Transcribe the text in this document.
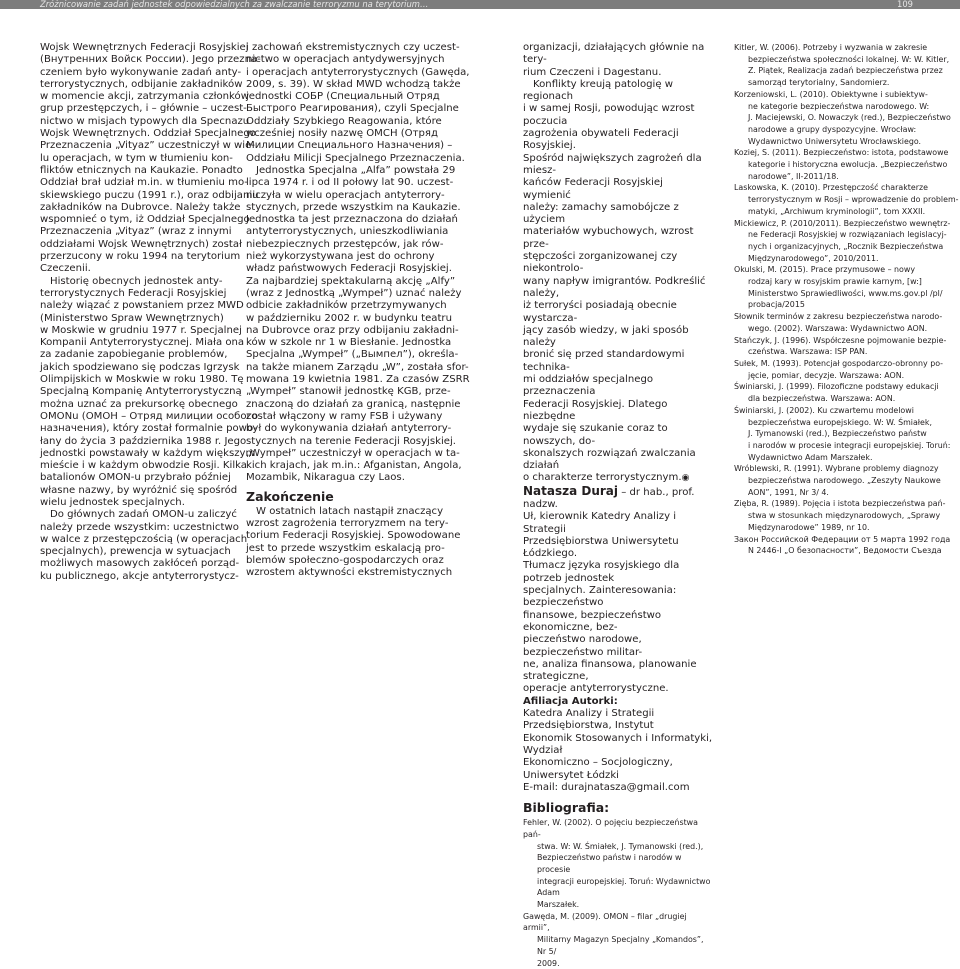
Zróżnicowanie zadań jednostek odpowiedzialnych za zwalczanie terroryzmu na terytorium…	109

Wojsk Wewnętrznych Federacji Rosyjskiej

(Внутренних Войск России). Jego przezna-

czeniem było wykonywanie zadań anty-

terrorystycznych, odbijanie zakładników

w momencie akcji, zatrzymania członków

grup przestępczych, i – głównie – uczest-

nictwo w misjach typowych dla Specnazu

Wojsk Wewnętrznych. Oddział Specjalnego

Przeznaczenia „Vityaz” uczestniczył w wie-

lu operacjach, w tym w tłumieniu kon-

fliktów etnicznych na Kaukazie. Ponadto

Oddział brał udział m.in. w tłumieniu mo-

skiewskiego puczu (1991 r.), oraz odbijaniu

zakładników na Dubrovce. Należy także

wspomnieć o tym, iż Oddział Specjalnego

Przeznaczenia „Vityaz” (wraz z innymi

oddziałami Wojsk Wewnętrznych) został

przerzucony w roku 1994 na terytorium

Czeczenii.

Historię obecnych jednostek anty-

terrorystycznych Federacji Rosyjskiej

należy wiązać z powstaniem przez MWD

(Ministerstwo Spraw Wewnętrznych)

w Moskwie w grudniu 1977 r. Specjalnej

Kompanii Antyterrorystycznej. Miała ona

za zadanie zapobieganie problemów,

jakich spodziewano się podczas Igrzysk

Olimpijskich w Moskwie w roku 1980. Tę

Specjalną Kompanię Antyterrorystyczną

można uznać za prekursorkę obecnego

OMONu (ОМОН – Отряд милиции особого

назначения), który został formalnie powo-

łany do życia 3 października 1988 r. Jego

jednostki powstawały w każdym większym

mieście i w każdym obwodzie Rosji. Kilka

batalionów OMON-u przybrało później

własne nazwy, by wyróżnić się spośród

wielu jednostek specjalnych.

Do głównych zadań OMON-u zaliczyć

należy przede wszystkim: uczestnictwo

w walce z przestępczością (w operacjach

specjalnych), prewencja w sytuacjach

możliwych masowych zakłóceń porząd-

ku publicznego, akcje antyterrorystycz-

i zachowań ekstremistycznych czy uczest-

nictwo w operacjach antydywersyjnych

i operacjach antyterrorystycznych (Gawęda,

2009, s. 39). W skład MWD wchodzą także

jednostki СОБР (Специальный Отряд

Быстрого Реагирования), czyli Specjalne

Oddziały Szybkiego Reagowania, które

wcześniej nosiły nazwę ОМСН (Отряд

Милиции Специального Назначения) –

Oddziału Milicji Specjalnego Przeznaczenia.

Jednostka Specjalna „Alfa” powstała 29

lipca 1974 r. i od II połowy lat 90. uczest-

niczyła w wielu operacjach antyterrory-

stycznych, przede wszystkim na Kaukazie.

Jednostka ta jest przeznaczona do działań

antyterrorystycznych, unieszkodliwiania

niebezpiecznych przestępców, jak rów-

nież wykorzystywana jest do ochrony

władz państwowych Federacji Rosyjskiej.

Za najbardziej spektakularną akcję „Alfy”

(wraz z Jednostką „Wympeł”) uznać należy

odbicie zakładników przetrzymywanych

w październiku 2002 r. w budynku teatru

na Dubrovce oraz przy odbijaniu zakładni-

ków w szkole nr 1 w Biesłanie. Jednostka

Specjalna „Wympeł” („Вымпел”), określa-

na także mianem Zarządu „W”, została sfor-

mowana 19 kwietnia 1981. Za czasów ZSRR

„Wympeł” stanowił jednostkę KGB, prze-

znaczoną do działań za granicą, następnie

został włączony w ramy FSB i używany

był do wykonywania działań antyterrory-

stycznych na terenie Federacji Rosyjskiej.

„Wympeł” uczestniczył w operacjach w ta-

kich krajach, jak m.in.: Afganistan, Angola,

Mozambik, Nikaragua czy Laos.

Zakończenie

W ostatnich latach nastąpił znaczący

wzrost zagrożenia terroryzmem na tery-

torium Federacji Rosyjskiej. Spowodowane

jest to przede wszystkim eskalacją pro-

blemów społeczno-gospodarczych oraz

wzrostem aktywności ekstremistycznych

organizacji, działających głównie na tery-

rium Czeczeni i Dagestanu.

Konflikty kreują patologię w regionach

i w samej Rosji, powodując wzrost poczucia

zagrożenia obywateli Federacji Rosyjskiej.

Spośród największych zagrożeń dla miesz-

kańców Federacji Rosyjskiej wymienić

należy: zamachy samobójcze z użyciem

materiałów wybuchowych, wzrost prze-

stępczości zorganizowanej czy niekontrolo-

wany napływ imigrantów. Podkreślić należy,

iż terroryści posiadają obecnie wystarcza-

jący zasób wiedzy, w jaki sposób należy

bronić się przed standardowymi technika-

mi oddziałów specjalnego przeznaczenia

Federacji Rosyjskiej. Dlatego niezbędne

wydaje się szukanie coraz to nowszych, do-

skonalszych rozwiązań zwalczania działań

o charakterze terrorystycznym.◉

Natasza Duraj – dr hab., prof. nadzw.

Uł, kierownik Katedry Analizy i Strategii

Przedsiębiorstwa Uniwersytetu Łódzkiego.

Tłumacz języka rosyjskiego dla potrzeb jednostek

specjalnych. Zainteresowania: bezpieczeństwo

finansowe, bezpieczeństwo ekonomiczne, bez-

pieczeństwo narodowe, bezpieczeństwo militar-

ne, analiza finansowa, planowanie strategiczne,

operacje antyterrorystyczne.

Afiliacja Autorki:

Katedra Analizy i Strategii Przedsiębiorstwa, Instytut

Ekonomik Stosowanych i Informatyki, Wydział

Ekonomiczno – Socjologiczny, Uniwersytet Łódzki

E-mail: durajnatasza@gmail.com

Bibliografia:
Fehler, W. (2002). O pojęciu bezpieczeństwa pań-
stwa. W: W. Śmiałek, J. Tymanowski (red.),
Bezpieczeństwo państw i narodów w procesie
integracji europejskiej. Toruń: Wydawnictwo Adam
Marszałek.
Gawęda, M. (2009). OMON – filar „drugiej armii”,
Militarny Magazyn Specjalny „Komandos”, Nr 5/
2009.
Kitler, W. (2006). Potrzeby i wyzwania w zakresie
bezpieczeństwa społeczności lokalnej. W: W. Kitler,
Z. Piątek, Realizacja zadań bezpieczeństwa przez
samorząd terytorialny, Sandomierz.
Korzeniowski, L. (2010). Obiektywne i subiektyw-
ne kategorie bezpieczeństwa narodowego. W:
J. Maciejewski, O. Nowaczyk (red.), Bezpieczeństwo
narodowe a grupy dyspozycyjne. Wrocław:
Wydawnictwo Uniwersytetu Wrocławskiego.
Koziej, S. (2011). Bezpieczeństwo: istota, podstawowe
kategorie i historyczna ewolucja. „Bezpieczeństwo
narodowe”, II-2011/18.
Laskowska, K. (2010). Przestępczość charakterze
terrorystycznym w Rosji – wprowadzenie do problem-
matyki, „Archiwum kryminologii”, tom XXXII.
Mickiewicz, P. (2010/2011). Bezpieczeństwo wewnętrz-
ne Federacji Rosyjskiej w rozwiązaniach legislacyj-
nych i organizacyjnych, „Rocznik Bezpieczeństwa
Międzynarodowego”, 2010/2011.
Okulski, M. (2015). Prace przymusowe – nowy
rodzaj kary w rosyjskim prawie karnym, [w:]
Ministerstwo Sprawiedliwości, www.ms.gov.pl /pl/
probacja/2015
Słownik terminów z zakresu bezpieczeństwa narodo-
wego. (2002). Warszawa: Wydawnictwo AON.
Stańczyk, J. (1996). Współczesne pojmowanie bezpie-
czeństwa. Warszawa: ISP PAN.
Sułek, M. (1993). Potencjał gospodarczo-obronny po-
jęcie, pomiar, decyzje. Warszawa: AON.
Świniarski, J. (1999). Filozoficzne podstawy edukacji
dla bezpieczeństwa. Warszawa: AON.
Świniarski, J. (2002). Ku czwartemu modelowi
bezpieczeństwa europejskiego. W: W. Śmiałek,
J. Tymanowski (red.), Bezpieczeństwo państw
i narodów w procesie integracji europejskiej. Toruń:
Wydawnictwo Adam Marszałek.
Wróblewski, R. (1991). Wybrane problemy diagnozy
bezpieczeństwa narodowego. „Zeszyty Naukowe
AON”, 1991, Nr 3/ 4.
Zięba, R. (1989). Pojęcia i istota bezpieczeństwa pań-
stwa w stosunkach międzynarodowych, „Sprawy
Międzynarodowe” 1989, nr 10.
Закон Российской Федерации от 5 марта 1992 года
N 2446-I „О безопасности”, Ведомости Съезда
